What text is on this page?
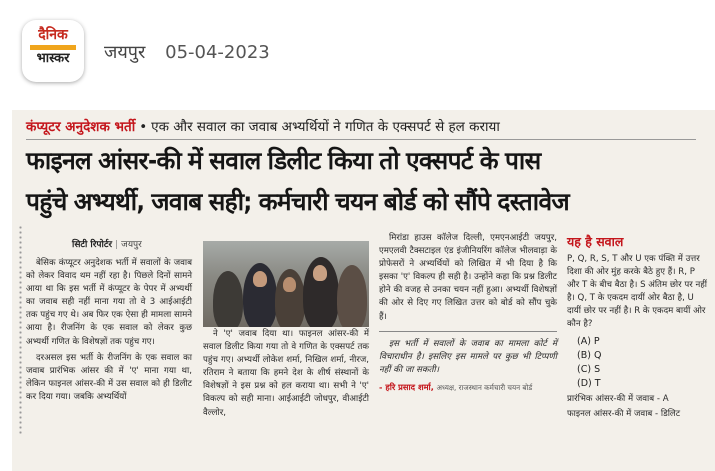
दैनिक
भास्कर	जयपुर 05-04-2023
कंप्यूटर अनुदेशक भर्ती • एक और सवाल का जवाब अभ्यर्थियों ने गणित के एक्सपर्ट से हल कराया
फाइनल आंसर-की में सवाल डिलीट किया तो एक्सपर्ट के पास
पहुंचे अभ्यर्थी, जवाब सही; कर्मचारी चयन बोर्ड को सौंपे दस्तावेज
सिटी रिपोर्टर | जयपुर

बेसिक कंप्यूटर अनुदेशक भर्ती में सवालों के जवाब को लेकर विवाद थम नहीं रहा है। पिछले दिनों सामने आया था कि इस भर्ती में कंप्यूटर के पेपर में अभ्यर्थी का जवाब सही नहीं माना गया तो वे 3 आईआईटी तक पहुंच गए थे। अब फिर एक ऐसा ही मामला सामने आया है। रीजनिंग के एक सवाल को लेकर कुछ अभ्यर्थी गणित के विशेषज्ञों तक पहुंच गए।

दरअसल इस भर्ती के रीजनिंग के एक सवाल का जवाब प्रारंभिक आंसर की में 'ए' माना गया था, लेकिन फाइनल आंसर-की में उस सवाल को ही डिलीट कर दिया गया। जबकि अभ्यर्थियों

ने 'ए' जवाब दिया था। फाइनल आंसर-की में सवाल डिलीट किया गया तो वे गणित के एक्सपर्ट तक पहुंच गए। अभ्यर्थी लोकेश शर्मा, निखिल शर्मा, नीरज, रतिराम ने बताया कि हमने देश के शीर्ष संस्थानों के विशेषज्ञों ने इस प्रश्न को हल कराया था। सभी ने 'ए' विकल्प को सही माना। आईआईटी जोधपुर, वीआईटी वैल्लोर,

मिरांडा हाउस कॉलेज दिल्ली, एमएनआईटी जयपुर, एमएलवी टैक्सटाइल एंड इंजीनियरिंग कॉलेज भीलवाड़ा के प्रोफेसरों ने अभ्यर्थियों को लिखित में भी दिया है कि इसका 'ए' विकल्प ही सही है। उन्होंने कहा कि प्रश्न डिलीट होने की वजह से उनका चयन नहीं हुआ। अभ्यर्थी विशेषज्ञों की ओर से दिए गए लिखित उत्तर को बोर्ड को सौंप चुके हैं।

इस भर्ती में सवालों के जवाब का मामला कोर्ट में विचाराधीन है। इसलिए इस मामले पर कुछ भी टिप्पणी नहीं की जा सकती।

- हरि प्रसाद शर्मा, अध्यक्ष, राजस्थान कर्मचारी चयन बोर्ड
यह है सवाल
P, Q, R, S, T और U एक पंक्ति में उत्तर दिशा की ओर मुंह करके बैठे हुए हैं। R, P और T के बीच बैठा है। S अंतिम छोर पर नहीं है। Q, T के एकदम दायीं ओर बैठा है, U दायीं छोर पर नहीं है। R के एकदम बायीं ओर कौन है?
(A) P
(B) Q
(C) S
(D) T
प्रारंभिक आंसर-की में जवाब - A
फाइनल आंसर-की में जवाब - डिलिट
